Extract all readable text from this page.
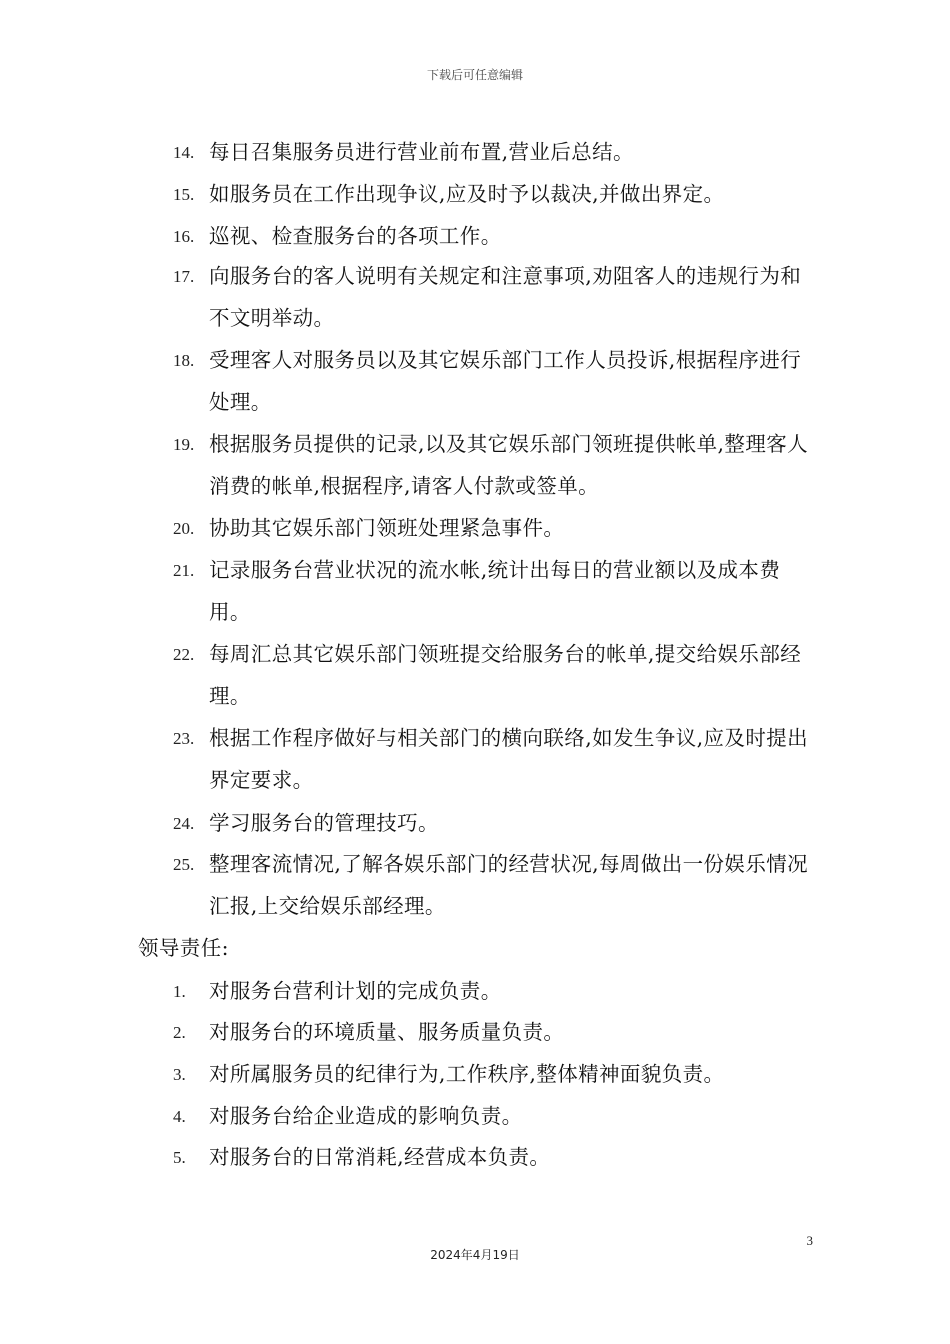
下载后可任意编辑
14. 每日召集服务员进行营业前布置,营业后总结。
15. 如服务员在工作出现争议,应及时予以裁决,并做出界定。
16. 巡视、检查服务台的各项工作。
17. 向服务台的客人说明有关规定和注意事项,劝阻客人的违规行为和不文明举动。
18. 受理客人对服务员以及其它娱乐部门工作人员投诉,根据程序进行处理。
19. 根据服务员提供的记录,以及其它娱乐部门领班提供帐单,整理客人消费的帐单,根据程序,请客人付款或签单。
20. 协助其它娱乐部门领班处理紧急事件。
21. 记录服务台营业状况的流水帐,统计出每日的营业额以及成本费用。
22. 每周汇总其它娱乐部门领班提交给服务台的帐单,提交给娱乐部经理。
23. 根据工作程序做好与相关部门的横向联络,如发生争议,应及时提出界定要求。
24. 学习服务台的管理技巧。
25. 整理客流情况,了解各娱乐部门的经营状况,每周做出一份娱乐情况汇报,上交给娱乐部经理。
领导责任:
1.	对服务台营利计划的完成负责。
2.	对服务台的环境质量、服务质量负责。
3.	对所属服务员的纪律行为,工作秩序,整体精神面貌负责。
4.	对服务台给企业造成的影响负责。
5.	对服务台的日常消耗,经营成本负责。
3
2024年4月19日
